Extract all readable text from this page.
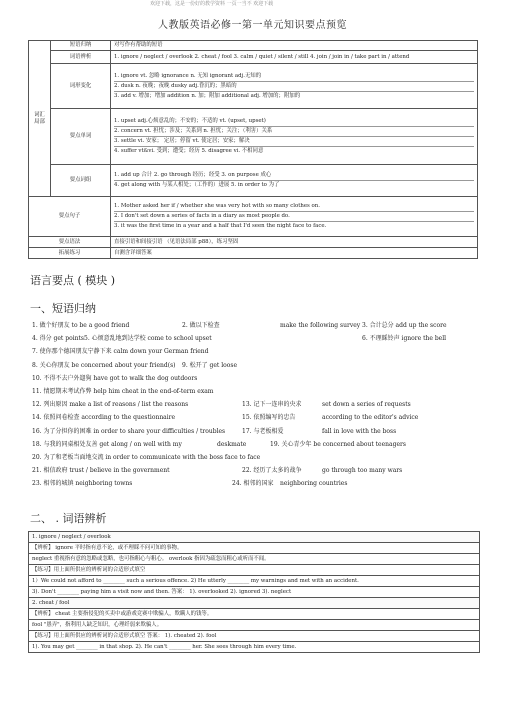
欢迎下载，这是一份好的教学资料 一页一当不 欢迎下载
人教版英语必修一第一单元知识要点预览
词汇局部	短语归纳	对写作有帮助的短语
	词语辨析	1. ignore / neglect / overlook 2. cheat / fool 3. calm / quiet / silent / still 4. join / join in / take part in / attend
	词形变化	1. ignore vt. 忽略 ignorance n. 无知 ignorant adj.无知的
2. dusk n. 夜晚；夜晚 dusky adj.昏沉的；黑暗的
3. add v. 增加；增加 addition n. 加；附加 additional adj. 增加的；附加的

	要点单词	1. upset adj.心烦意乱的；不安的；不适的 vt. (upset, upset)
2. concern vt. 担忧；涉及；关系到 n. 担忧；关注；（利害）关系
3. settle vi. 安家； 定居；停留 vt. 使定居；安家；解决
4. suffer vt&vi. 受到；遭受；经历 5. disagree vi. 不相同意

	要点词组	1. add up 合计 2. go through 经历；经受 3. on purpose 成心
4. get along with 与某人相处；（工作的）进展 5. in order to 为了

要点句子		1. Mother asked her if / whether she was very hot with so many clothes on.
2. I don't set down a series of facts in a diary as most people do.
3. it was the first time in a year and a half that I'd seen the night face to face.

要点语法		直接引语和间接引语 （见语法局部 p88），练习坚固
拓展练习		自测含详细答案
语言要点 ( 模块 )
一、短语归纳
1. 做个好朋友 to be a good friend	2. 做以下检查	make the following survey 3. 合计总分 add up the score
4. 得分 get points 5. 心烦意乱地到达学校 come to school upset	6. 不理睬铃声 ignore the bell
7. 使你那个德国朋友宁静下来 calm down your German friend
8. 关心你朋友 be concerned about your friend(s) 9. 松开了 get loose
10. 不得不去户外遛狗 have got to walk the dog outdoors
11. 情愿期末考试作弊 help him cheat in the end-of-term exam
12. 列出原因 make a list of reasons / list the reasons	13. 记下一连串的央求	set down a series of requests
14. 依照问卷检查 according to the questionnaire	15. 依照编写的忠告	according to the editor's advice
16. 为了分担你的困难 in order to share your difficulties / troubles	17. 与老板相爱	fall in love with the boss
18. 与我的同桌相处友善 get along / on well with my	deskmate	19. 关心青少年 be concerned about teenagers
20. 为了和老板当面地交流 in order to communicate with the boss face to face
21. 相信政府 trust / believe in the government	22. 经历了太多的战争	go through too many wars
23. 相邻的城镇 neighboring towns	24. 相邻的国家 neighboring countries
二、 . 词语辨析
1. ignore / neglect / overlook
【辨析】 ignore 平时指有意不论，或不理睬不问可知的事物。
neglect 重视指有意的忽略或忽略，也可指粗心与粗心。 overlook 指因为疏忽而粗心或听而不闻。
【练习】用上面所供应的辨析词的合适形式填空
1）We could not afford to ________ such a serious offence. 2) He utterly ________ my warnings and met with an accident.
3). Don't ________ paying him a visit now and then. 答案： 1). overlooked 2). ignored 3). neglect
2. cheat / fool
【辨析】 cheat 主要指侵犯的买卖中或游戏竞赛中欺骗人，欺瞒人的钱等。
fool "愚弄"，指利用人缺乏知识，心理纤弱来欺骗人。
【练习】用上面所供应的辨析词的合适形式填空 答案： 1). cheated 2). fool
1). You may get ________ in that shop. 2). He can't ________ her. She sees through him every time.
